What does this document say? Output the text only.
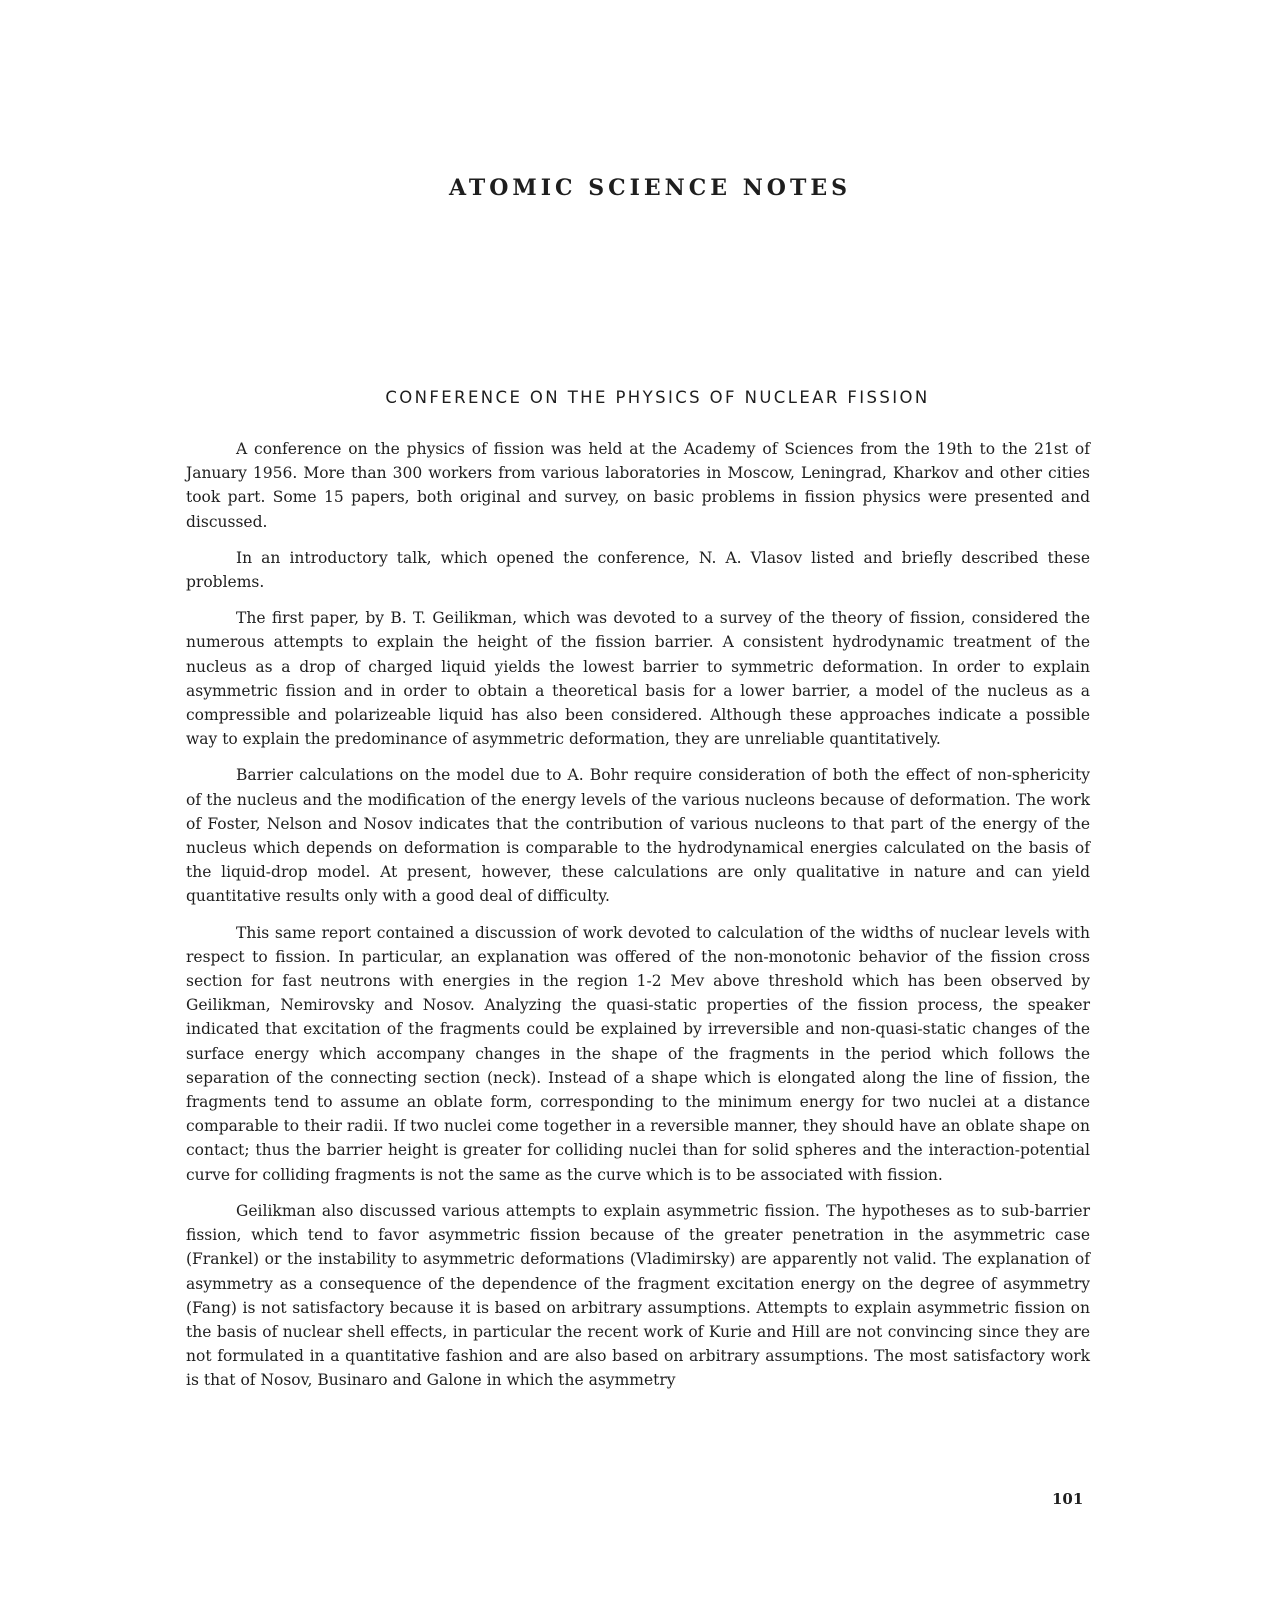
ATOMIC SCIENCE NOTES
CONFERENCE ON THE PHYSICS OF NUCLEAR FISSION

A conference on the physics of fission was held at the Academy of Sciences from the 19th to the 21st of January 1956. More than 300 workers from various laboratories in Moscow, Leningrad, Kharkov and other cities took part. Some 15 papers, both original and survey, on basic problems in fission physics were presented and discussed.

In an introductory talk, which opened the conference, N. A. Vlasov listed and briefly described these problems.

The first paper, by B. T. Geilikman, which was devoted to a survey of the theory of fission, considered the numerous attempts to explain the height of the fission barrier. A consistent hydrodynamic treatment of the nucleus as a drop of charged liquid yields the lowest barrier to symmetric deformation. In order to explain asymmetric fission and in order to obtain a theoretical basis for a lower barrier, a model of the nucleus as a compressible and polarizeable liquid has also been considered. Although these approaches indicate a possible way to explain the predominance of asymmetric deformation, they are unreliable quantitatively.

Barrier calculations on the model due to A. Bohr require consideration of both the effect of non-sphericity of the nucleus and the modification of the energy levels of the various nucleons because of deformation. The work of Foster, Nelson and Nosov indicates that the contribution of various nucleons to that part of the energy of the nucleus which depends on deformation is comparable to the hydrodynamical energies calculated on the basis of the liquid-drop model. At present, however, these calculations are only qualitative in nature and can yield quantitative results only with a good deal of difficulty.

This same report contained a discussion of work devoted to calculation of the widths of nuclear levels with respect to fission. In particular, an explanation was offered of the non-monotonic behavior of the fission cross section for fast neutrons with energies in the region 1-2 Mev above threshold which has been observed by Geilikman, Nemirovsky and Nosov. Analyzing the quasi-static properties of the fission process, the speaker indicated that excitation of the fragments could be explained by irreversible and non-quasi-static changes of the surface energy which accompany changes in the shape of the fragments in the period which follows the separation of the connecting section (neck). Instead of a shape which is elongated along the line of fission, the fragments tend to assume an oblate form, corresponding to the minimum energy for two nuclei at a distance comparable to their radii. If two nuclei come together in a reversible manner, they should have an oblate shape on contact; thus the barrier height is greater for colliding nuclei than for solid spheres and the interaction-potential curve for colliding fragments is not the same as the curve which is to be associated with fission.

Geilikman also discussed various attempts to explain asymmetric fission. The hypotheses as to sub-barrier fission, which tend to favor asymmetric fission because of the greater penetration in the asymmetric case (Frankel) or the instability to asymmetric deformations (Vladimirsky) are apparently not valid. The explanation of asymmetry as a consequence of the dependence of the fragment excitation energy on the degree of asymmetry (Fang) is not satisfactory because it is based on arbitrary assumptions. Attempts to explain asymmetric fission on the basis of nuclear shell effects, in particular the recent work of Kurie and Hill are not convincing since they are not formulated in a quantitative fashion and are also based on arbitrary assumptions. The most satisfactory work is that of Nosov, Businaro and Galone in which the asymmetry

101
